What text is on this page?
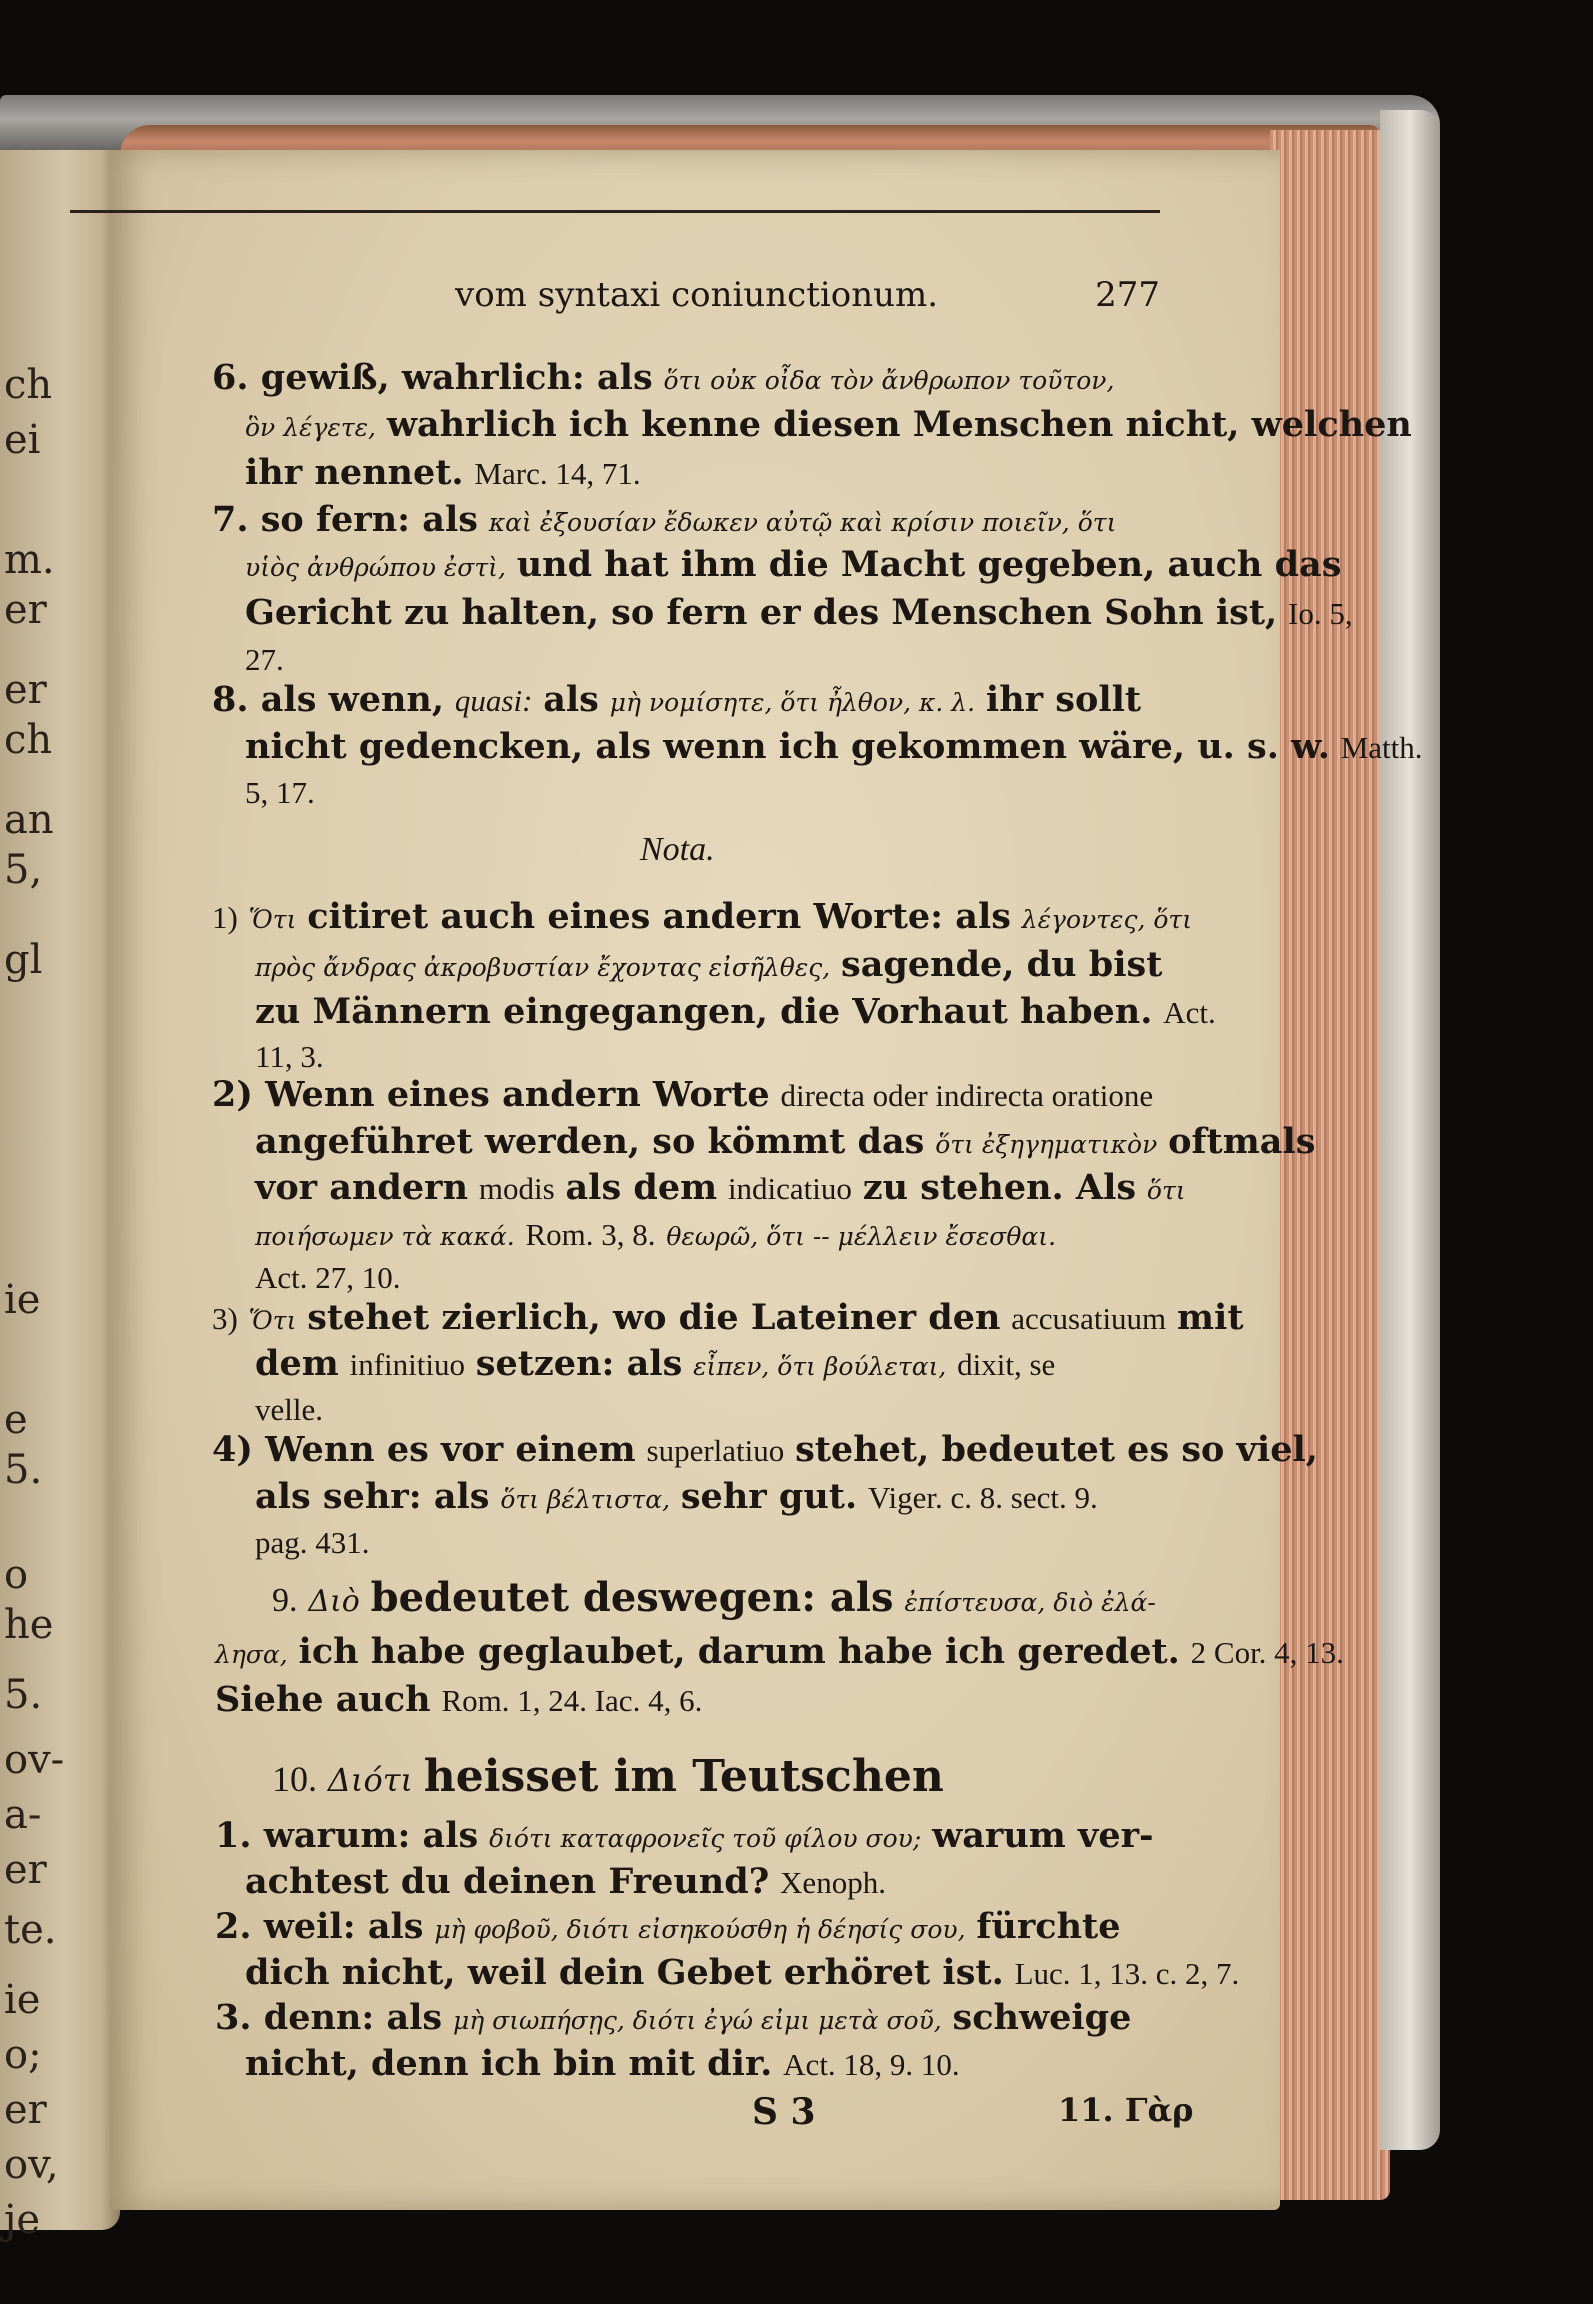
ch
ei
m.
er
er
ch
an
5,
gl
ie
e
5.
o
he
5.
ov-
a-
er
te.
ie
o;
er
ov,
je
vom syntaxi coniunctionum.	277
6. gewiß, wahrlich: als ὅτι οὐκ οἶδα τὸν ἄνθρωπον τοῦτον,
ὃν λέγετε, wahrlich ich kenne diesen Menschen nicht, welchen
ihr nennet. Marc. 14, 71.
7. so fern: als καὶ ἐξουσίαν ἔδωκεν αὐτῷ καὶ κρίσιν ποιεῖν, ὅτι
υἱὸς ἀνθρώπου ἐστὶ, und hat ihm die Macht gegeben, auch das
Gericht zu halten, so fern er des Menschen Sohn ist, Io. 5,
27.
8. als wenn, quasi: als μὴ νομίσητε, ὅτι ἦλθον, κ. λ. ihr sollt
nicht gedencken, als wenn ich gekommen wäre, u. s. w. Matth.
5, 17.
Nota.
1) Ὅτι citiret auch eines andern Worte: als λέγοντες, ὅτι
πρὸς ἄνδρας ἀκροβυστίαν ἔχοντας εἰσῆλθες, sagende, du bist
zu Männern eingegangen, die Vorhaut haben. Act.
11, 3.
2) Wenn eines andern Worte directa oder indirecta oratione
angeführet werden, so kömmt das ὅτι ἐξηγηματικὸν oftmals
vor andern modis als dem indicatiuo zu stehen. Als ὅτι
ποιήσωμεν τὰ κακά. Rom. 3, 8. θεωρῶ, ὅτι -- μέλλειν ἔσεσθαι.
Act. 27, 10.
3) Ὅτι stehet zierlich, wo die Lateiner den accusatiuum mit
dem infinitiuo setzen: als εἶπεν, ὅτι βούλεται, dixit, se
velle.
4) Wenn es vor einem superlatiuo stehet, bedeutet es so viel,
als sehr: als ὅτι βέλτιστα, sehr gut. Viger. c. 8. sect. 9.
pag. 431.
9. Διὸ bedeutet deswegen: als ἐπίστευσα, διὸ ἐλά-
λησα, ich habe geglaubet, darum habe ich geredet. 2 Cor. 4, 13.
Siehe auch Rom. 1, 24. Iac. 4, 6.
10. Διότι heisset im Teutschen
1. warum: als διότι καταφρονεῖς τοῦ φίλου σου; warum ver-
achtest du deinen Freund? Xenoph.
2. weil: als μὴ φοβοῦ, διότι εἰσηκούσθη ἡ δέησίς σου, fürchte
dich nicht, weil dein Gebet erhöret ist. Luc. 1, 13. c. 2, 7.
3. denn: als μὴ σιωπήσῃς, διότι ἐγώ εἰμι μετὰ σοῦ, schweige
nicht, denn ich bin mit dir. Act. 18, 9. 10.
S 3	11. Γὰρ
